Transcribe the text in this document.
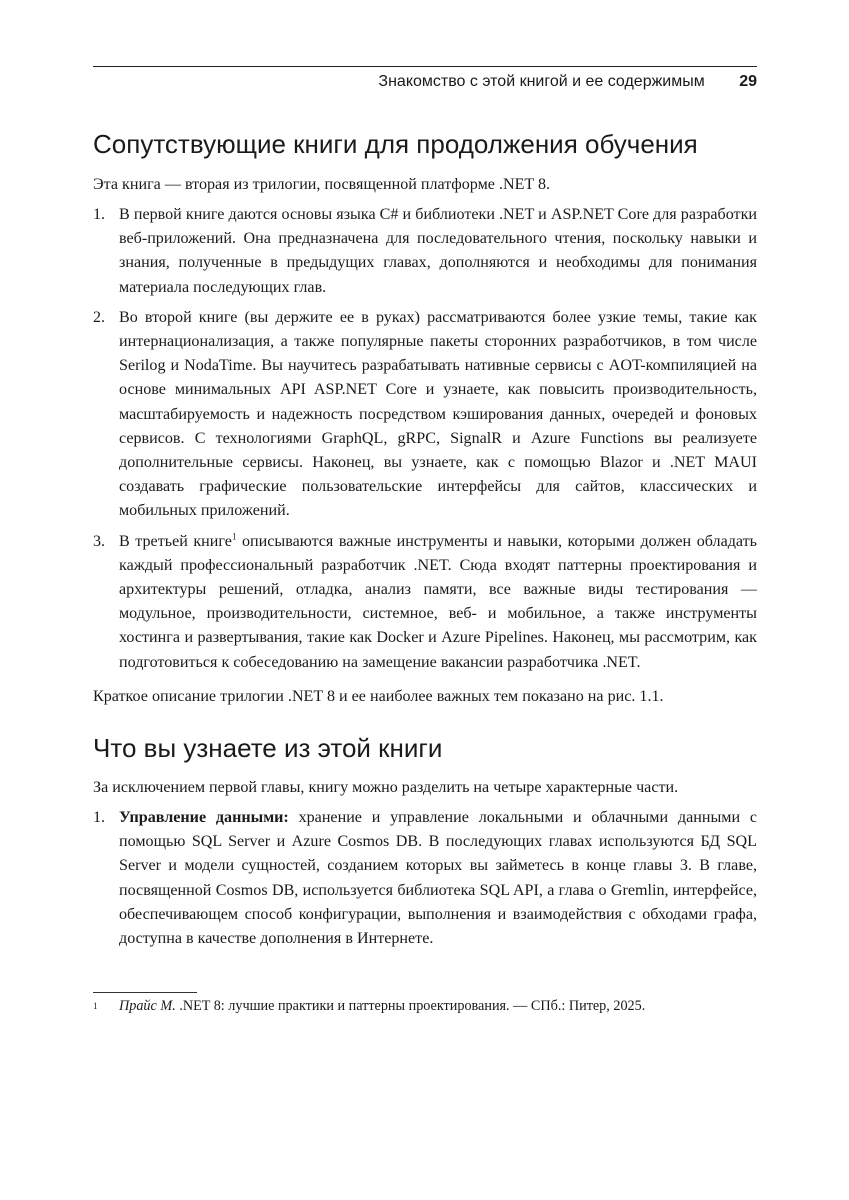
Знакомство с этой книгой и ее содержимым 29
Сопутствующие книги для продолжения обучения

Эта книга — вторая из трилогии, посвященной платформе .NET 8.

1. В первой книге даются основы языка C# и библиотеки .NET и ASP.NET Core для разработки веб-приложений. Она предназначена для последовательного чтения, поскольку навыки и знания, полученные в предыдущих главах, дополняются и необходимы для понимания материала последующих глав.
2. Во второй книге (вы держите ее в руках) рассматриваются более узкие темы, такие как интернационализация, а также популярные пакеты сторонних разработчиков, в том числе Serilog и NodaTime. Вы научитесь разрабатывать нативные сервисы с AOT-компиляцией на основе минимальных API ASP.NET Core и узнаете, как повысить производительность, масштабируемость и надежность посредством кэширования данных, очередей и фоновых сервисов. С технологиями GraphQL, gRPC, SignalR и Azure Functions вы реализуете дополнительные сервисы. Наконец, вы узнаете, как с помощью Blazor и .NET MAUI создавать графические пользовательские интерфейсы для сайтов, классических и мобильных приложений.
3. В третьей книге$^1$ описываются важные инструменты и навыки, которыми должен обладать каждый профессиональный разработчик .NET. Сюда входят паттерны проектирования и архитектуры решений, отладка, анализ памяти, все важные виды тестирования — модульное, производительности, системное, веб- и мобильное, а также инструменты хостинга и развертывания, такие как Docker и Azure Pipelines. Наконец, мы рассмотрим, как подготовиться к собеседованию на замещение вакансии разработчика .NET.

Краткое описание трилогии .NET 8 и ее наиболее важных тем показано на рис. 1.1.

Что вы узнаете из этой книги

За исключением первой главы, книгу можно разделить на четыре характерные части.

1. Управление данными: хранение и управление локальными и облачными данными с помощью SQL Server и Azure Cosmos DB. В последующих главах используются БД SQL Server и модели сущностей, созданием которых вы займетесь в конце главы 3. В главе, посвященной Cosmos DB, используется библиотека SQL API, а глава о Gremlin, интерфейсе, обеспечивающем способ конфигурации, выполнения и взаимодействия с обходами графа, доступна в качестве дополнения в Интернете.

1 Прайс М. .NET 8: лучшие практики и паттерны проектирования. — СПб.: Питер, 2025.
